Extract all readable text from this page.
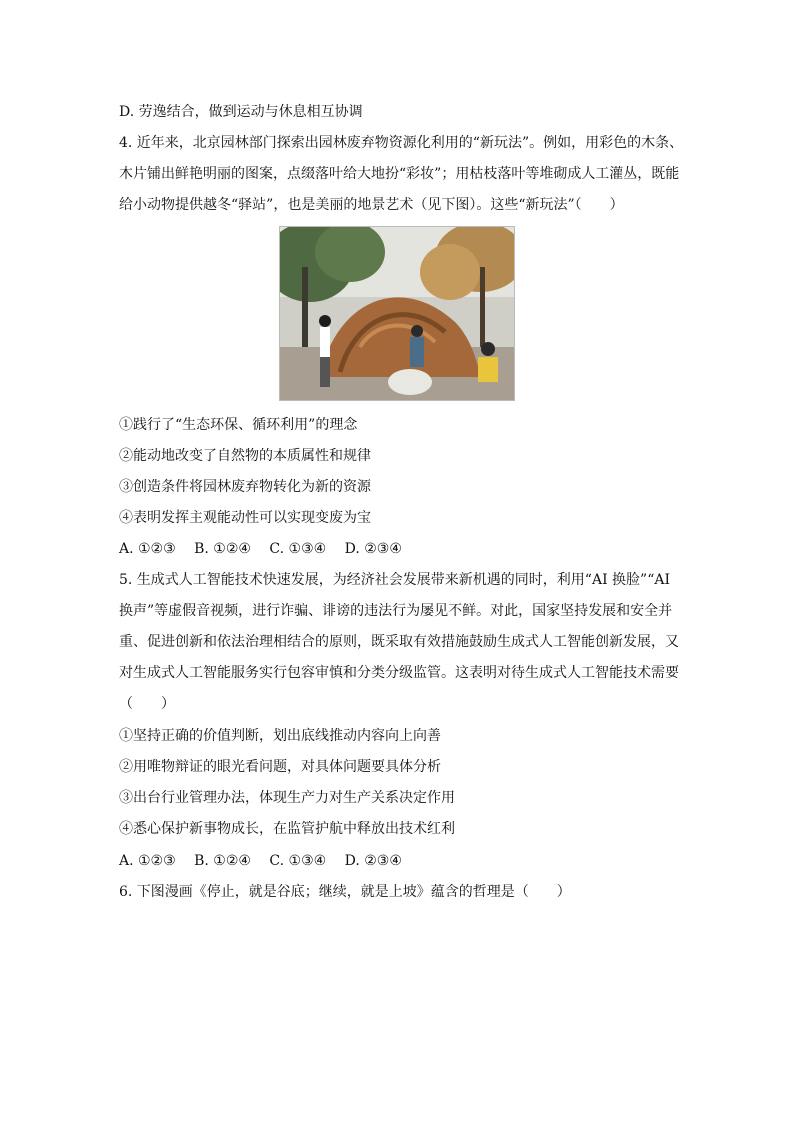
D. 劳逸结合，做到运动与休息相互协调
4. 近年来，北京园林部门探索出园林废弃物资源化利用的“新玩法”。例如，用彩色的木条、
木片铺出鲜艳明丽的图案，点缀落叶给大地扮“彩妆”；用枯枝落叶等堆砌成人工灌丛，既能
给小动物提供越冬“驿站”，也是美丽的地景艺术（见下图）。这些“新玩法”（　　）
①践行了“生态环保、循环利用”的理念
②能动地改变了自然物的本质属性和规律
③创造条件将园林废弃物转化为新的资源
④表明发挥主观能动性可以实现变废为宝
A. ①②③　 B. ①②④　 C. ①③④　 D. ②③④
5. 生成式人工智能技术快速发展，为经济社会发展带来新机遇的同时，利用“AI 换脸”“AI
换声”等虚假音视频，进行诈骗、诽谤的违法行为屡见不鲜。对此，国家坚持发展和安全并
重、促进创新和依法治理相结合的原则，既采取有效措施鼓励生成式人工智能创新发展，又
对生成式人工智能服务实行包容审慎和分类分级监管。这表明对待生成式人工智能技术需要
（　　）
①坚持正确的价值判断，划出底线推动内容向上向善
②用唯物辩证的眼光看问题，对具体问题要具体分析
③出台行业管理办法，体现生产力对生产关系决定作用
④悉心保护新事物成长，在监管护航中释放出技术红利
A. ①②③　 B. ①②④　 C. ①③④　 D. ②③④
6. 下图漫画《停止，就是谷底；继续，就是上坡》蕴含的哲理是（　　）
